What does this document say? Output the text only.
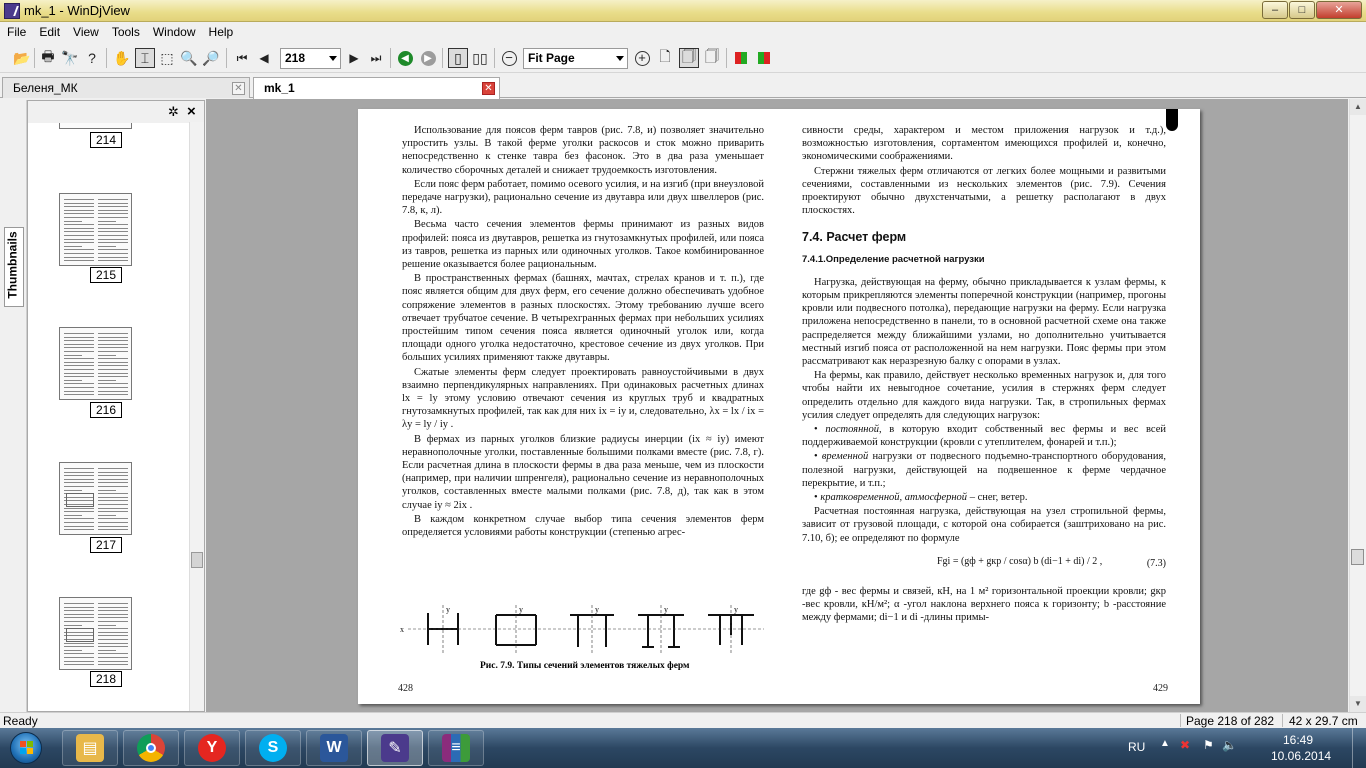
mk_1 - WinDjView	–	□	✕
File Edit View Tools Window Help
📂 🖶 🔭 ?	✋ ⌶ ⬚ 🔍 🔎	⏮ ◀	218	▶ ⏭	◀	▶	▯ ▯▯ −	Fit Page	+ 🗋 🗍 🗍
Беленя_МК	✕	mk_1	✕
Thumbnails
✲ ×
214
215
216
217
218

Использование для поясов ферм тавров (рис. 7.8, и) позволяет значительно упростить узлы. В такой ферме уголки раскосов и сток можно приварить непосредственно к стенке тавра без фасонок. Это в два раза уменьшает количество сборочных деталей и снижает трудоемкость изготовления.

Если пояс ферм работает, помимо осевого усилия, и на изгиб (при внеузловой передаче нагрузки), рационально сечение из двутавра или двух швеллеров (рис. 7.8, к, л).

Весьма часто сечения элементов фермы принимают из разных видов профилей: пояса из двутавров, решетка из гнутозамкнутых профилей, или пояса из тавров, решетка из парных или одиночных уголков. Такое комбинированное решение оказывается более рациональным.

В пространственных фермах (башнях, мачтах, стрелах кранов и т. п.), где пояс является общим для двух ферм, его сечение должно обеспечивать удобное сопряжение элементов в разных плоскостях. Этому требованию лучше всего отвечает трубчатое сечение. В четырехгранных фермах при небольших усилиях простейшим типом сечения пояса является одиночный уголок или, когда площади одного уголка недостаточно, крестовое сечение из двух уголков. При больших усилиях применяют также двутавры.

Сжатые элементы ферм следует проектировать равноустойчивыми в двух взаимно перпендикулярных направлениях. При одинаковых расчетных длинах lx = ly этому условию отвечают сечения из круглых труб и квадратных гнутозамкнутых профилей, так как для них ix = iy и, следовательно, λx = lx / ix = λy = ly / iy .

В фермах из парных уголков близкие радиусы инерции (ix ≈ iy) имеют неравнополочные уголки, поставленные большими полками вместе (рис. 7.8, г). Если расчетная длина в плоскости фермы в два раза меньше, чем из плоскости (например, при наличии шпренгеля), рационально сечение из неравнополочных уголков, составленных вместе малыми полками (рис. 7.8, д), так как в этом случае iy ≈ 2ix .

В каждом конкретном случае выбор типа сечения элементов ферм определяется условиями работы конструкции (степенью агрес-

y	y	y	y	y
x
Рис. 7.9. Типы сечений элементов тяжелых ферм
428

сивности среды, характером и местом приложения нагрузок и т.д.), возможностью изготовления, сортаментом имеющихся профилей и, конечно, экономическими соображениями.

Стержни тяжелых ферм отличаются от легких более мощными и развитыми сечениями, составленными из нескольких элементов (рис. 7.9). Сечения проектируют обычно двухстенчатыми, а решетку располагают в двух плоскостях.

7.4. Расчет ферм
7.4.1.Определение расчетной нагрузки

Нагрузка, действующая на ферму, обычно прикладывается к узлам фермы, к которым прикрепляются элементы поперечной конструкции (например, прогоны кровли или подвесного потолка), передающие нагрузки на ферму. Если нагрузка приложена непосредственно в панели, то в основной расчетной схеме она также распределяется между ближайшими узлами, но дополнительно учитывается местный изгиб пояса от расположенной на нем нагрузки. Пояс фермы при этом рассматривают как неразрезную балку с опорами в узлах.

На фермы, как правило, действует несколько временных нагрузок и, для того чтобы найти их невыгодное сочетание, усилия в стержнях ферм следует определить отдельно для каждого вида нагрузки. Так, в стропильных фермах усилия следует определять для следующих нагрузок:

• постоянной, в которую входит собственный вес фермы и вес всей поддерживаемой конструкции (кровли с утеплителем, фонарей и т.п.);
• временной нагрузки от подвесного подъемно-транспортного оборудования, полезной нагрузки, действующей на подвешенное к ферме чердачное перекрытие, и т.п.;
• кратковременной, атмосферной – снег, ветер.

Расчетная постоянная нагрузка, действующая на узел стропильной фермы, зависит от грузовой площади, с которой она собирается (заштриховано на рис. 7.10, б); ее определяют по формуле

Fgi = (gф + gкр / cosα) b (di−1 + di) / 2 ,	(7.3)

где gф - вес фермы и связей, кН, на 1 м² горизонтальной проекции кровли; gкр -вес кровли, кН/м²; α -угол наклона верхнего пояса к горизонту; b -расстояние между фермами; di−1 и di -длины примы-

429
▲
▼
Ready	Page 218 of 282 42 x 29.7 cm
▤	Y	S	W	✎	≡	RU ▲ ✖ ⚑ 🔈	16:49
10.06.2014
